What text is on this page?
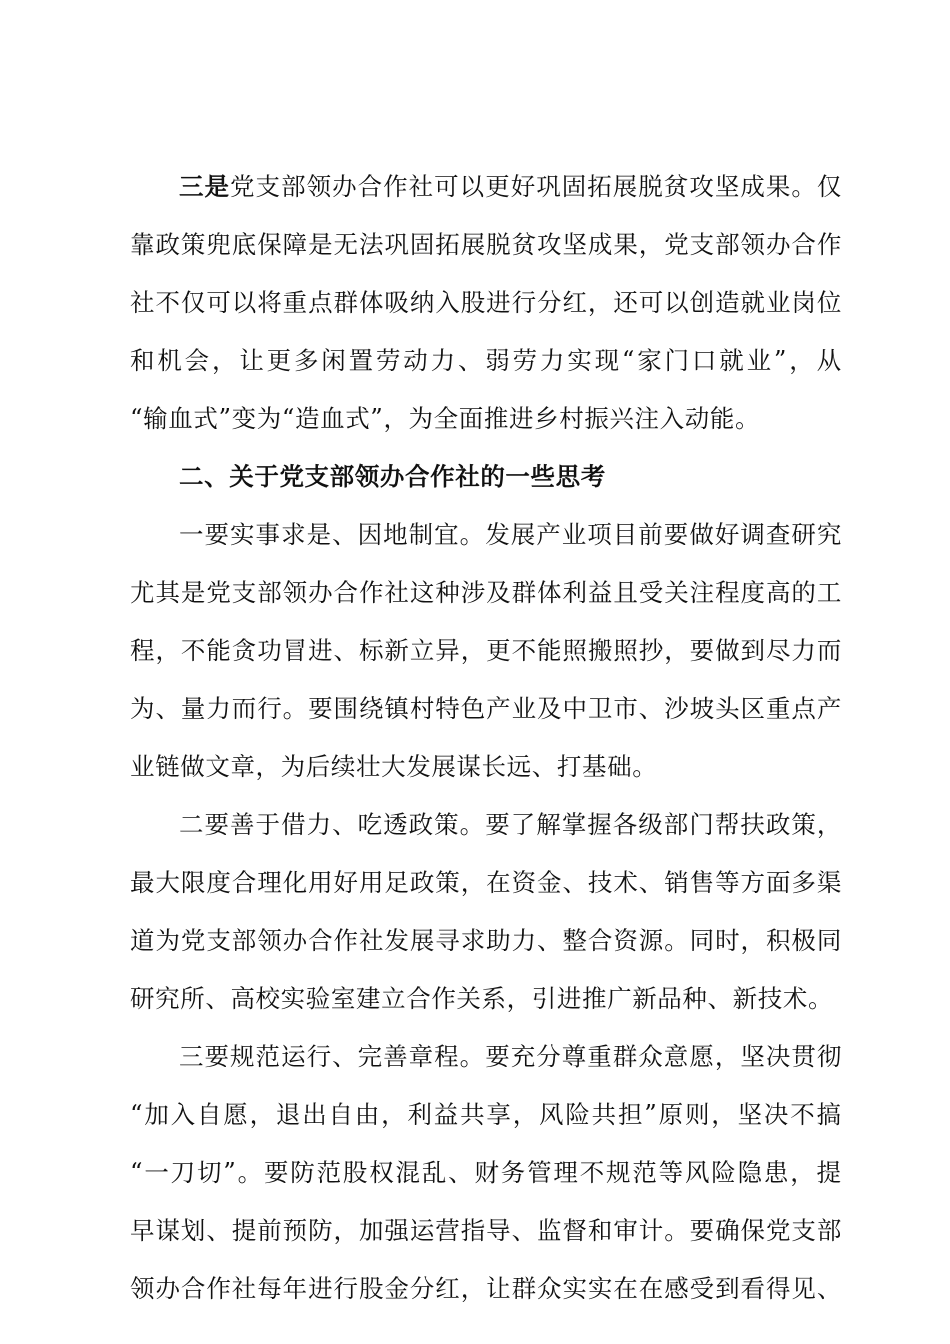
三 是 党 支 部 领 办 合 作 社 可 以 更 好 巩 固 拓 展 脱 贫 攻 坚 成 果 。 仅
靠 政 策 兜 底 保 障 是 无 法 巩 固 拓 展 脱 贫 攻 坚 成 果 ， 党 支 部 领 办 合 作
社 不 仅 可 以 将 重 点 群 体 吸 纳 入 股 进 行 分 红 ， 还 可 以 创 造 就 业 岗 位
和 机 会 ， 让 更 多 闲 置 劳 动 力 、 弱 劳 力 实 现 “ 家 门 口 就 业 ” ， 从
“ 输 血 式 ” 变 为 “ 造 血 式 ” ， 为 全 面 推 进 乡 村 振 兴 注 入 动 能 。
二 、 关 于 党 支 部 领 办 合 作 社 的 一 些 思 考
一 要 实 事 求 是 、 因 地 制 宜 。 发 展 产 业 项 目 前 要 做 好 调 查 研 究
尤 其 是 党 支 部 领 办 合 作 社 这 种 涉 及 群 体 利 益 且 受 关 注 程 度 高 的 工
程 ， 不 能 贪 功 冒 进 、 标 新 立 异 ， 更 不 能 照 搬 照 抄 ， 要 做 到 尽 力 而
为 、 量 力 而 行 。 要 围 绕 镇 村 特 色 产 业 及 中 卫 市 、 沙 坡 头 区 重 点 产
业 链 做 文 章 ， 为 后 续 壮 大 发 展 谋 长 远 、 打 基 础 。
二 要 善 于 借 力 、 吃 透 政 策 。 要 了 解 掌 握 各 级 部 门 帮 扶 政 策 ，
最 大 限 度 合 理 化 用 好 用 足 政 策 ， 在 资 金 、 技 术 、 销 售 等 方 面 多 渠
道 为 党 支 部 领 办 合 作 社 发 展 寻 求 助 力 、 整 合 资 源 。 同 时 ， 积 极 同
研 究 所 、 高 校 实 验 室 建 立 合 作 关 系 ， 引 进 推 广 新 品 种 、 新 技 术 。
三 要 规 范 运 行 、 完 善 章 程 。 要 充 分 尊 重 群 众 意 愿 ， 坚 决 贯 彻
“ 加 入 自 愿 ， 退 出 自 由 ， 利 益 共 享 ， 风 险 共 担 ” 原 则 ， 坚 决 不 搞
“ 一 刀 切 ” 。 要 防 范 股 权 混 乱 、 财 务 管 理 不 规 范 等 风 险 隐 患 ， 提
早 谋 划 、 提 前 预 防 ， 加 强 运 营 指 导 、 监 督 和 审 计 。 要 确 保 党 支 部
领 办 合 作 社 每 年 进 行 股 金 分 红 ， 让 群 众 实 实 在 在 感 受 到 看 得 见 、
